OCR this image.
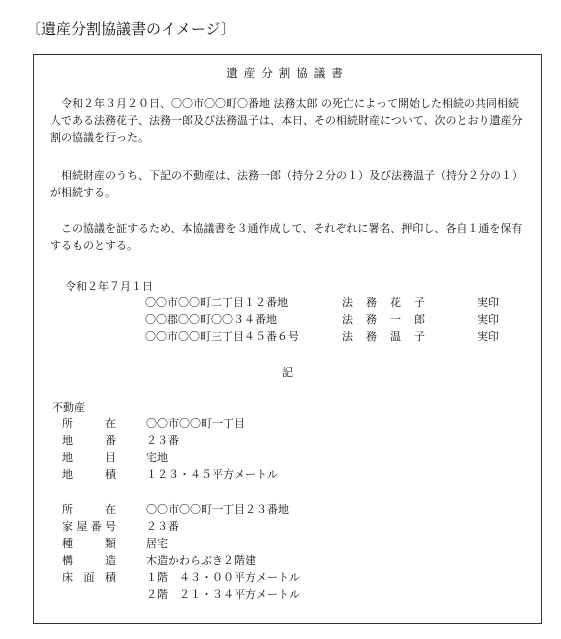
〔遺産分割協議書のイメージ〕
遺産分割協議書
令和２年３月２０日、〇〇市〇〇町〇番地 法務太郎 の死亡によって開始した相続の共同相続人である法務花子、法務一郎及び法務温子は、本日、その相続財産について、次のとおり遺産分割の協議を行った。
相続財産のうち、下記の不動産は、法務一郎（持分２分の１）及び法務温子（持分２分の１）が相続する。
この協議を証するため、本協議書を３通作成して、それぞれに署名、押印し、各自１通を保有するものとする。
令和２年７月１日
〇〇市〇〇町二丁目１２番地	法務花子	実印
〇〇郡〇〇町〇〇３４番地	法務一郎	実印
〇〇市〇〇町三丁目４５番６号	法務温子	実印
記
不動産
所	在	〇〇市〇〇町一丁目
地	番	２３番
地	目	宅地
地	積	１２３・４５平方メートル
所	在	〇〇市〇〇町一丁目２３番地
家 屋 番 号	２３番
種	類	居宅
構	造	木造かわらぶき２階建
床 面 積	１階　４３・００平方メートル
２階　２１・３４平方メートル
